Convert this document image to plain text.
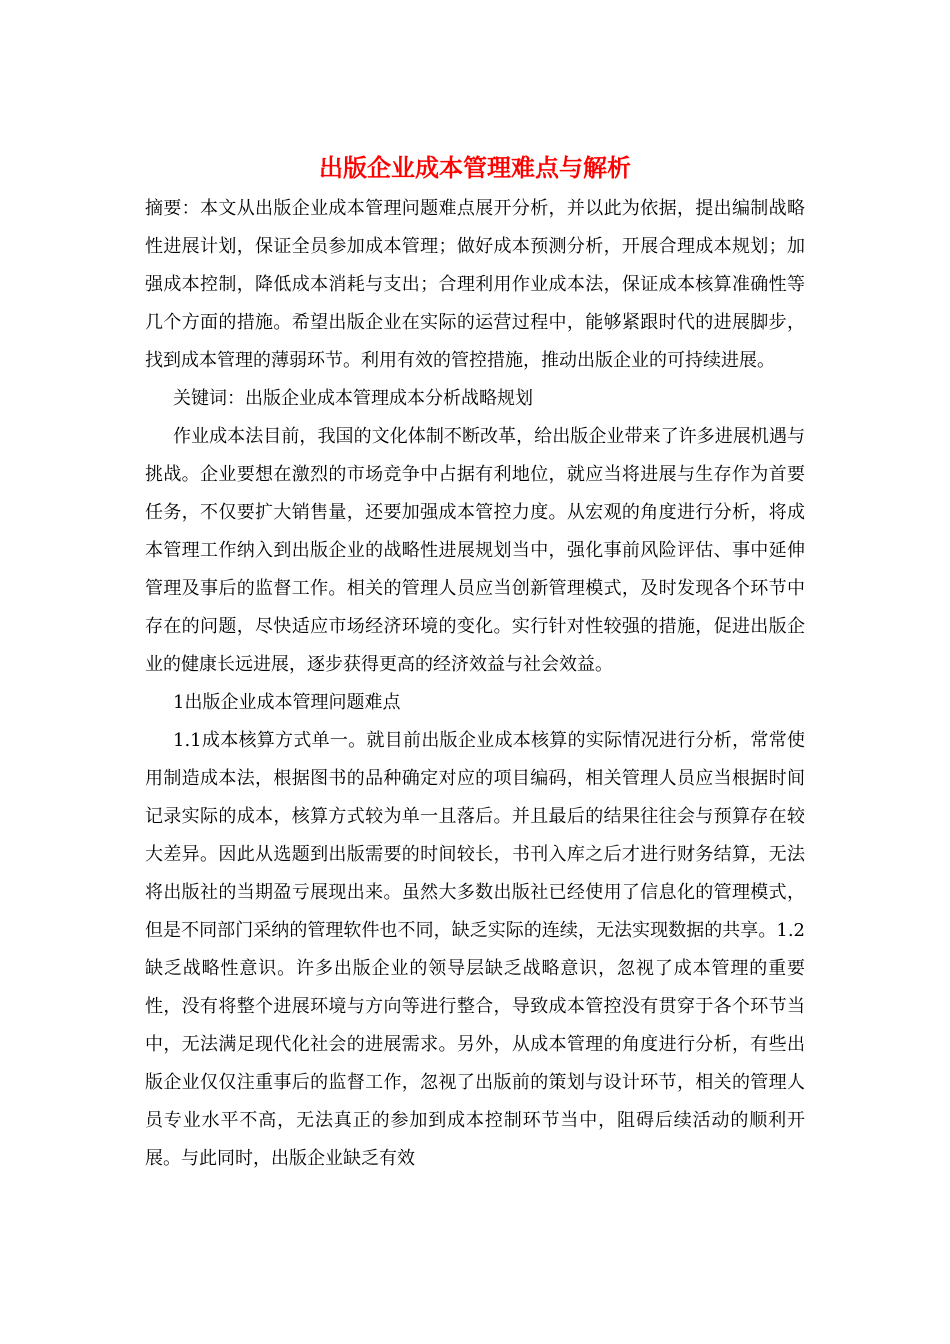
出版企业成本管理难点与解析

摘要：本文从出版企业成本管理问题难点展开分析，并以此为依据，提出编制战略性进展计划，保证全员参加成本管理；做好成本预测分析，开展合理成本规划；加强成本控制，降低成本消耗与支出；合理利用作业成本法，保证成本核算准确性等几个方面的措施。希望出版企业在实际的运营过程中，能够紧跟时代的进展脚步，找到成本管理的薄弱环节。利用有效的管控措施，推动出版企业的可持续进展。

关键词：出版企业成本管理成本分析战略规划

作业成本法目前，我国的文化体制不断改革，给出版企业带来了许多进展机遇与挑战。企业要想在激烈的市场竞争中占据有利地位，就应当将进展与生存作为首要任务，不仅要扩大销售量，还要加强成本管控力度。从宏观的角度进行分析，将成本管理工作纳入到出版企业的战略性进展规划当中，强化事前风险评估、事中延伸管理及事后的监督工作。相关的管理人员应当创新管理模式，及时发现各个环节中存在的问题，尽快适应市场经济环境的变化。实行针对性较强的措施，促进出版企业的健康长远进展，逐步获得更高的经济效益与社会效益。

1出版企业成本管理问题难点

1.1成本核算方式单一。就目前出版企业成本核算的实际情况进行分析，常常使用制造成本法，根据图书的品种确定对应的项目编码，相关管理人员应当根据时间记录实际的成本，核算方式较为单一且落后。并且最后的结果往往会与预算存在较大差异。因此从选题到出版需要的时间较长，书刊入库之后才进行财务结算，无法将出版社的当期盈亏展现出来。虽然大多数出版社已经使用了信息化的管理模式，但是不同部门采纳的管理软件也不同，缺乏实际的连续，无法实现数据的共享。1.2缺乏战略性意识。许多出版企业的领导层缺乏战略意识，忽视了成本管理的重要性，没有将整个进展环境与方向等进行整合，导致成本管控没有贯穿于各个环节当中，无法满足现代化社会的进展需求。另外，从成本管理的角度进行分析，有些出版企业仅仅注重事后的监督工作，忽视了出版前的策划与设计环节，相关的管理人员专业水平不高，无法真正的参加到成本控制环节当中，阻碍后续活动的顺利开展。与此同时，出版企业缺乏有效
